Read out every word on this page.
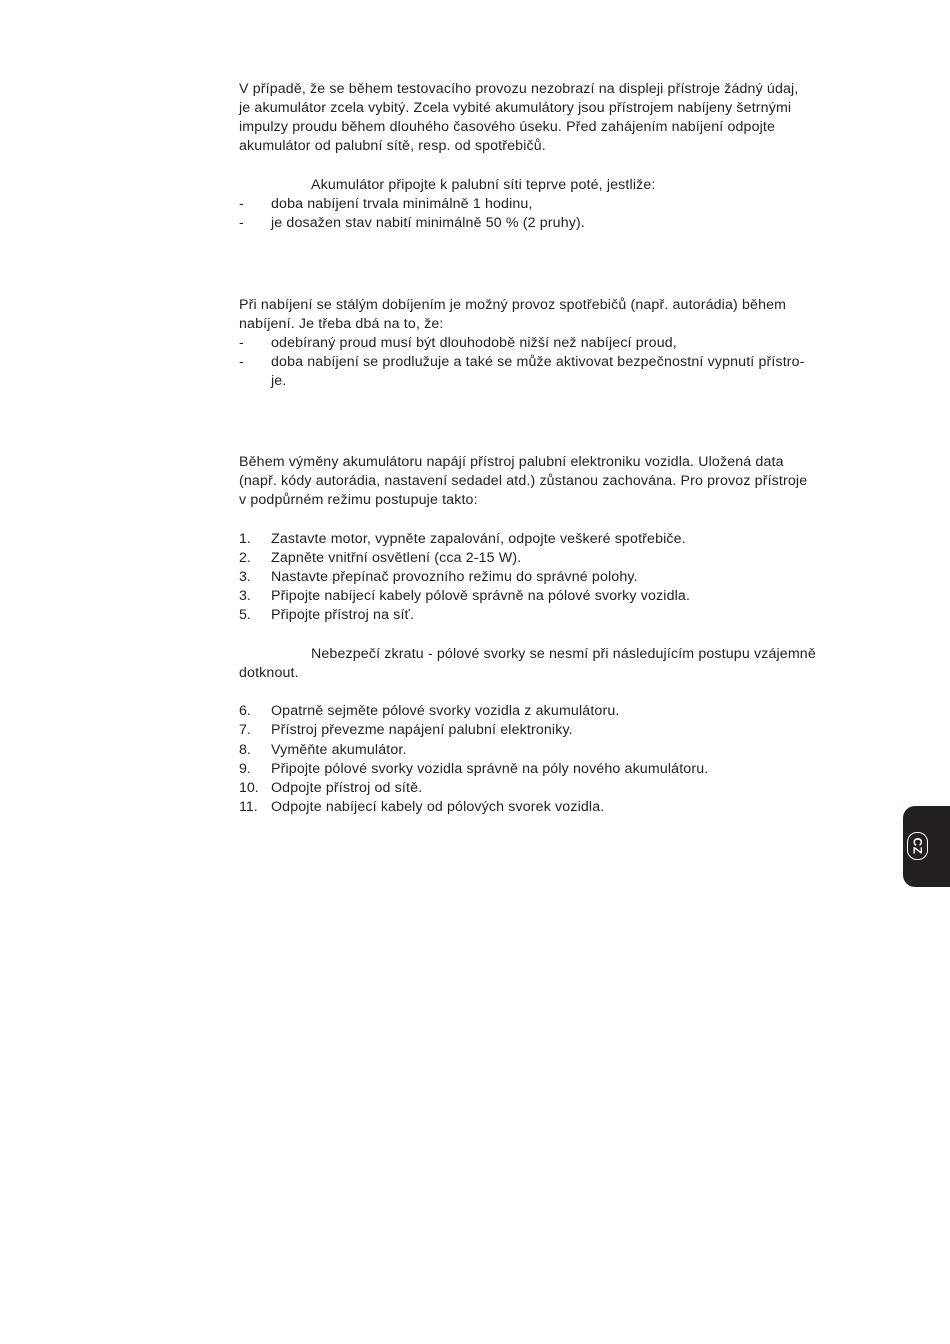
V případě, že se během testovacího provozu nezobrazí na displeji přístroje žádný údaj,
je akumulátor zcela vybitý. Zcela vybité akumulátory jsou přístrojem nabíjeny šetrnými
impulzy proudu během dlouhého časového úseku. Před zahájením nabíjení odpojte
akumulátor od palubní sítě, resp. od spotřebičů.
Akumulátor připojte k palubní síti teprve poté, jestliže:
- doba nabíjení trvala minimálně 1 hodinu,
- je dosažen stav nabití minimálně 50 % (2 pruhy).
Při nabíjení se stálým dobíjením je možný provoz spotřebičů (např. autorádia) během
nabíjení. Je třeba dbá na to, že:
- odebíraný proud musí být dlouhodobě nižší než nabíjecí proud,
- doba nabíjení se prodlužuje a také se může aktivovat bezpečnostní vypnutí přístro-
je.
Během výměny akumulátoru napájí přístroj palubní elektroniku vozidla. Uložená data
(např. kódy autorádia, nastavení sedadel atd.) zůstanou zachována. Pro provoz přístroje
v podpůrném režimu postupuje takto:
1. Zastavte motor, vypněte zapalování, odpojte veškeré spotřebiče.
2. Zapněte vnitřní osvětlení (cca 2-15 W).
3. Nastavte přepínač provozního režimu do správné polohy.
3. Připojte nabíjecí kabely pólově správně na pólové svorky vozidla.
5. Připojte přístroj na síť.
Nebezpečí zkratu - pólové svorky se nesmí při následujícím postupu vzájemně
dotknout.
6. Opatrně sejměte pólové svorky vozidla z akumulátoru.
7. Přístroj převezme napájení palubní elektroniky.
8. Vyměňte akumulátor.
9. Připojte pólové svorky vozidla správně na póly nového akumulátoru.
10. Odpojte přístroj od sítě.
11. Odpojte nabíjecí kabely od pólových svorek vozidla.
CZ
